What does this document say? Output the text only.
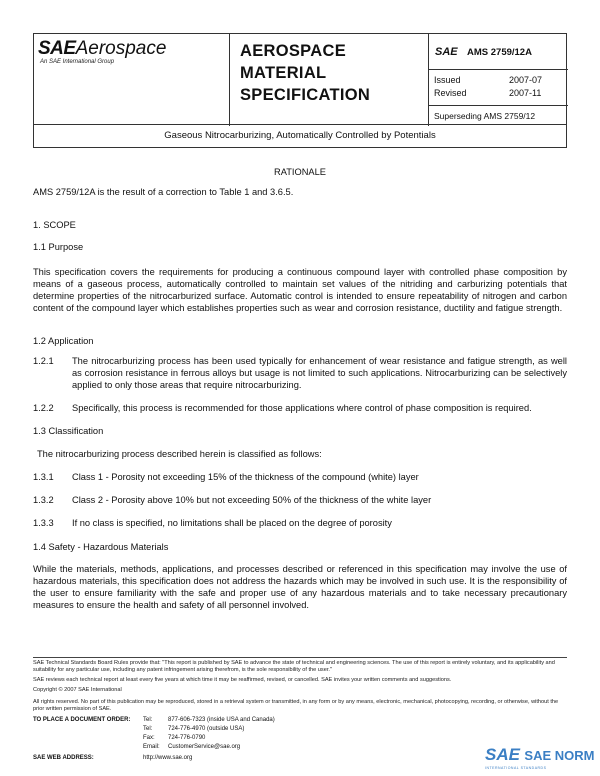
SAEAerospace
An SAE International Group
AEROSPACE
MATERIAL
SPECIFICATION
SAE AMS 2759/12A
Issued	2007-07
Revised	2007-11
Superseding AMS 2759/12
Gaseous Nitrocarburizing, Automatically Controlled by Potentials
RATIONALE
AMS 2759/12A is the result of a correction to Table 1 and 3.6.5.
1. SCOPE
1.1 Purpose
This specification covers the requirements for producing a continuous compound layer with controlled phase composition by means of a gaseous process, automatically controlled to maintain set values of the nitriding and carburizing potentials that determine properties of the nitrocarburized surface. Automatic control is intended to ensure repeatability of nitrogen and carbon content of the compound layer which establishes properties such as wear and corrosion resistance, ductility and fatigue strength.
1.2 Application
1.2.1 The nitrocarburizing process has been used typically for enhancement of wear resistance and fatigue strength, as well as corrosion resistance in ferrous alloys but usage is not limited to such applications. Nitrocarburizing can be selectively applied to only those areas that require nitrocarburizing.
1.2.2 Specifically, this process is recommended for those applications where control of phase composition is required.
1.3 Classification
The nitrocarburizing process described herein is classified as follows:
1.3.1 Class 1 - Porosity not exceeding 15% of the thickness of the compound (white) layer
1.3.2 Class 2 - Porosity above 10% but not exceeding 50% of the thickness of the white layer
1.3.3 If no class is specified, no limitations shall be placed on the degree of porosity
1.4 Safety - Hazardous Materials
While the materials, methods, applications, and processes described or referenced in this specification may involve the use of hazardous materials, this specification does not address the hazards which may be involved in such use. It is the responsibility of the user to ensure familiarity with the safe and proper use of any hazardous materials and to take necessary precautionary measures to ensure the health and safety of all personnel involved.
SAE Technical Standards Board Rules provide that: "This report is published by SAE to advance the state of technical and engineering sciences. The use of this report is entirely voluntary, and its applicability and suitability for any particular use, including any patent infringement arising therefrom, is the sole responsibility of the user."
SAE reviews each technical report at least every five years at which time it may be reaffirmed, revised, or cancelled. SAE invites your written comments and suggestions.
Copyright © 2007 SAE International
All rights reserved. No part of this publication may be reproduced, stored in a retrieval system or transmitted, in any form or by any means, electronic, mechanical, photocopying, recording, or otherwise, without the prior written permission of SAE.
TO PLACE A DOCUMENT ORDER: Tel:	877-606-7323 (inside USA and Canada)
Tel:	724-776-4970 (outside USA)
Fax: 724-776-0790
Email: CustomerService@sae.org
SAE WEB ADDRESS:	http://www.sae.org	SAE SAE NORM
INTERNATIONAL STANDARDS
